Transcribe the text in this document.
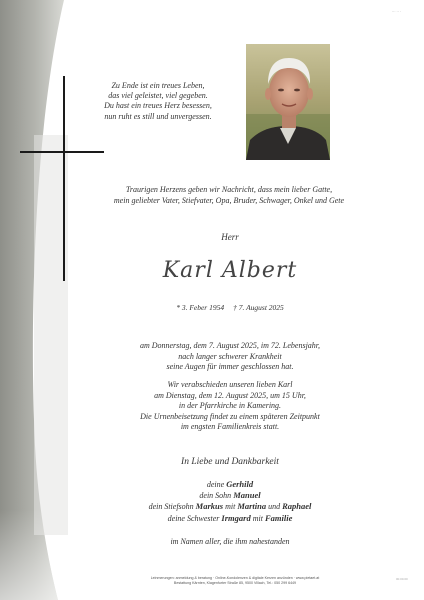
Zu Ende ist ein treues Leben,
das viel geleistet, viel gegeben.
Du hast ein treues Herz besessen,
nun ruht es still und unvergessen.
Traurigen Herzens geben wir Nachricht, dass mein lieber Gatte,
mein geliebter Vater, Stiefvater, Opa, Bruder, Schwager, Onkel und Gete
Herr
Karl Albert
* 3. Feber 1954 † 7. August 2025
am Donnerstag, dem 7. August 2025, im 72. Lebensjahr,
nach langer schwerer Krankheit
seine Augen für immer geschlossen hat.
Wir verabschieden unseren lieben Karl
am Dienstag, dem 12. August 2025, um 15 Uhr,
in der Pfarrkirche in Kamering.
Die Urnenbeisetzung findet zu einem späteren Zeitpunkt
im engsten Familienkreis statt.
In Liebe und Dankbarkeit
deine Gerhild
dein Sohn Manuel
dein Stiefsohn Markus mit Martina und Raphael
deine Schwester Irmgard mit Familie
im Namen aller, die ihm nahestanden
Leinmerungen: anmeldung & beratung · Online-Kondolenzen & digitale Kerzen anzünden · www.pietaet.at
Bestattung Kärnten, Klagenfurter Straße 85, 9500 Villach, Tel.: 050 299 6449
··· ·· ·
00.00.00
